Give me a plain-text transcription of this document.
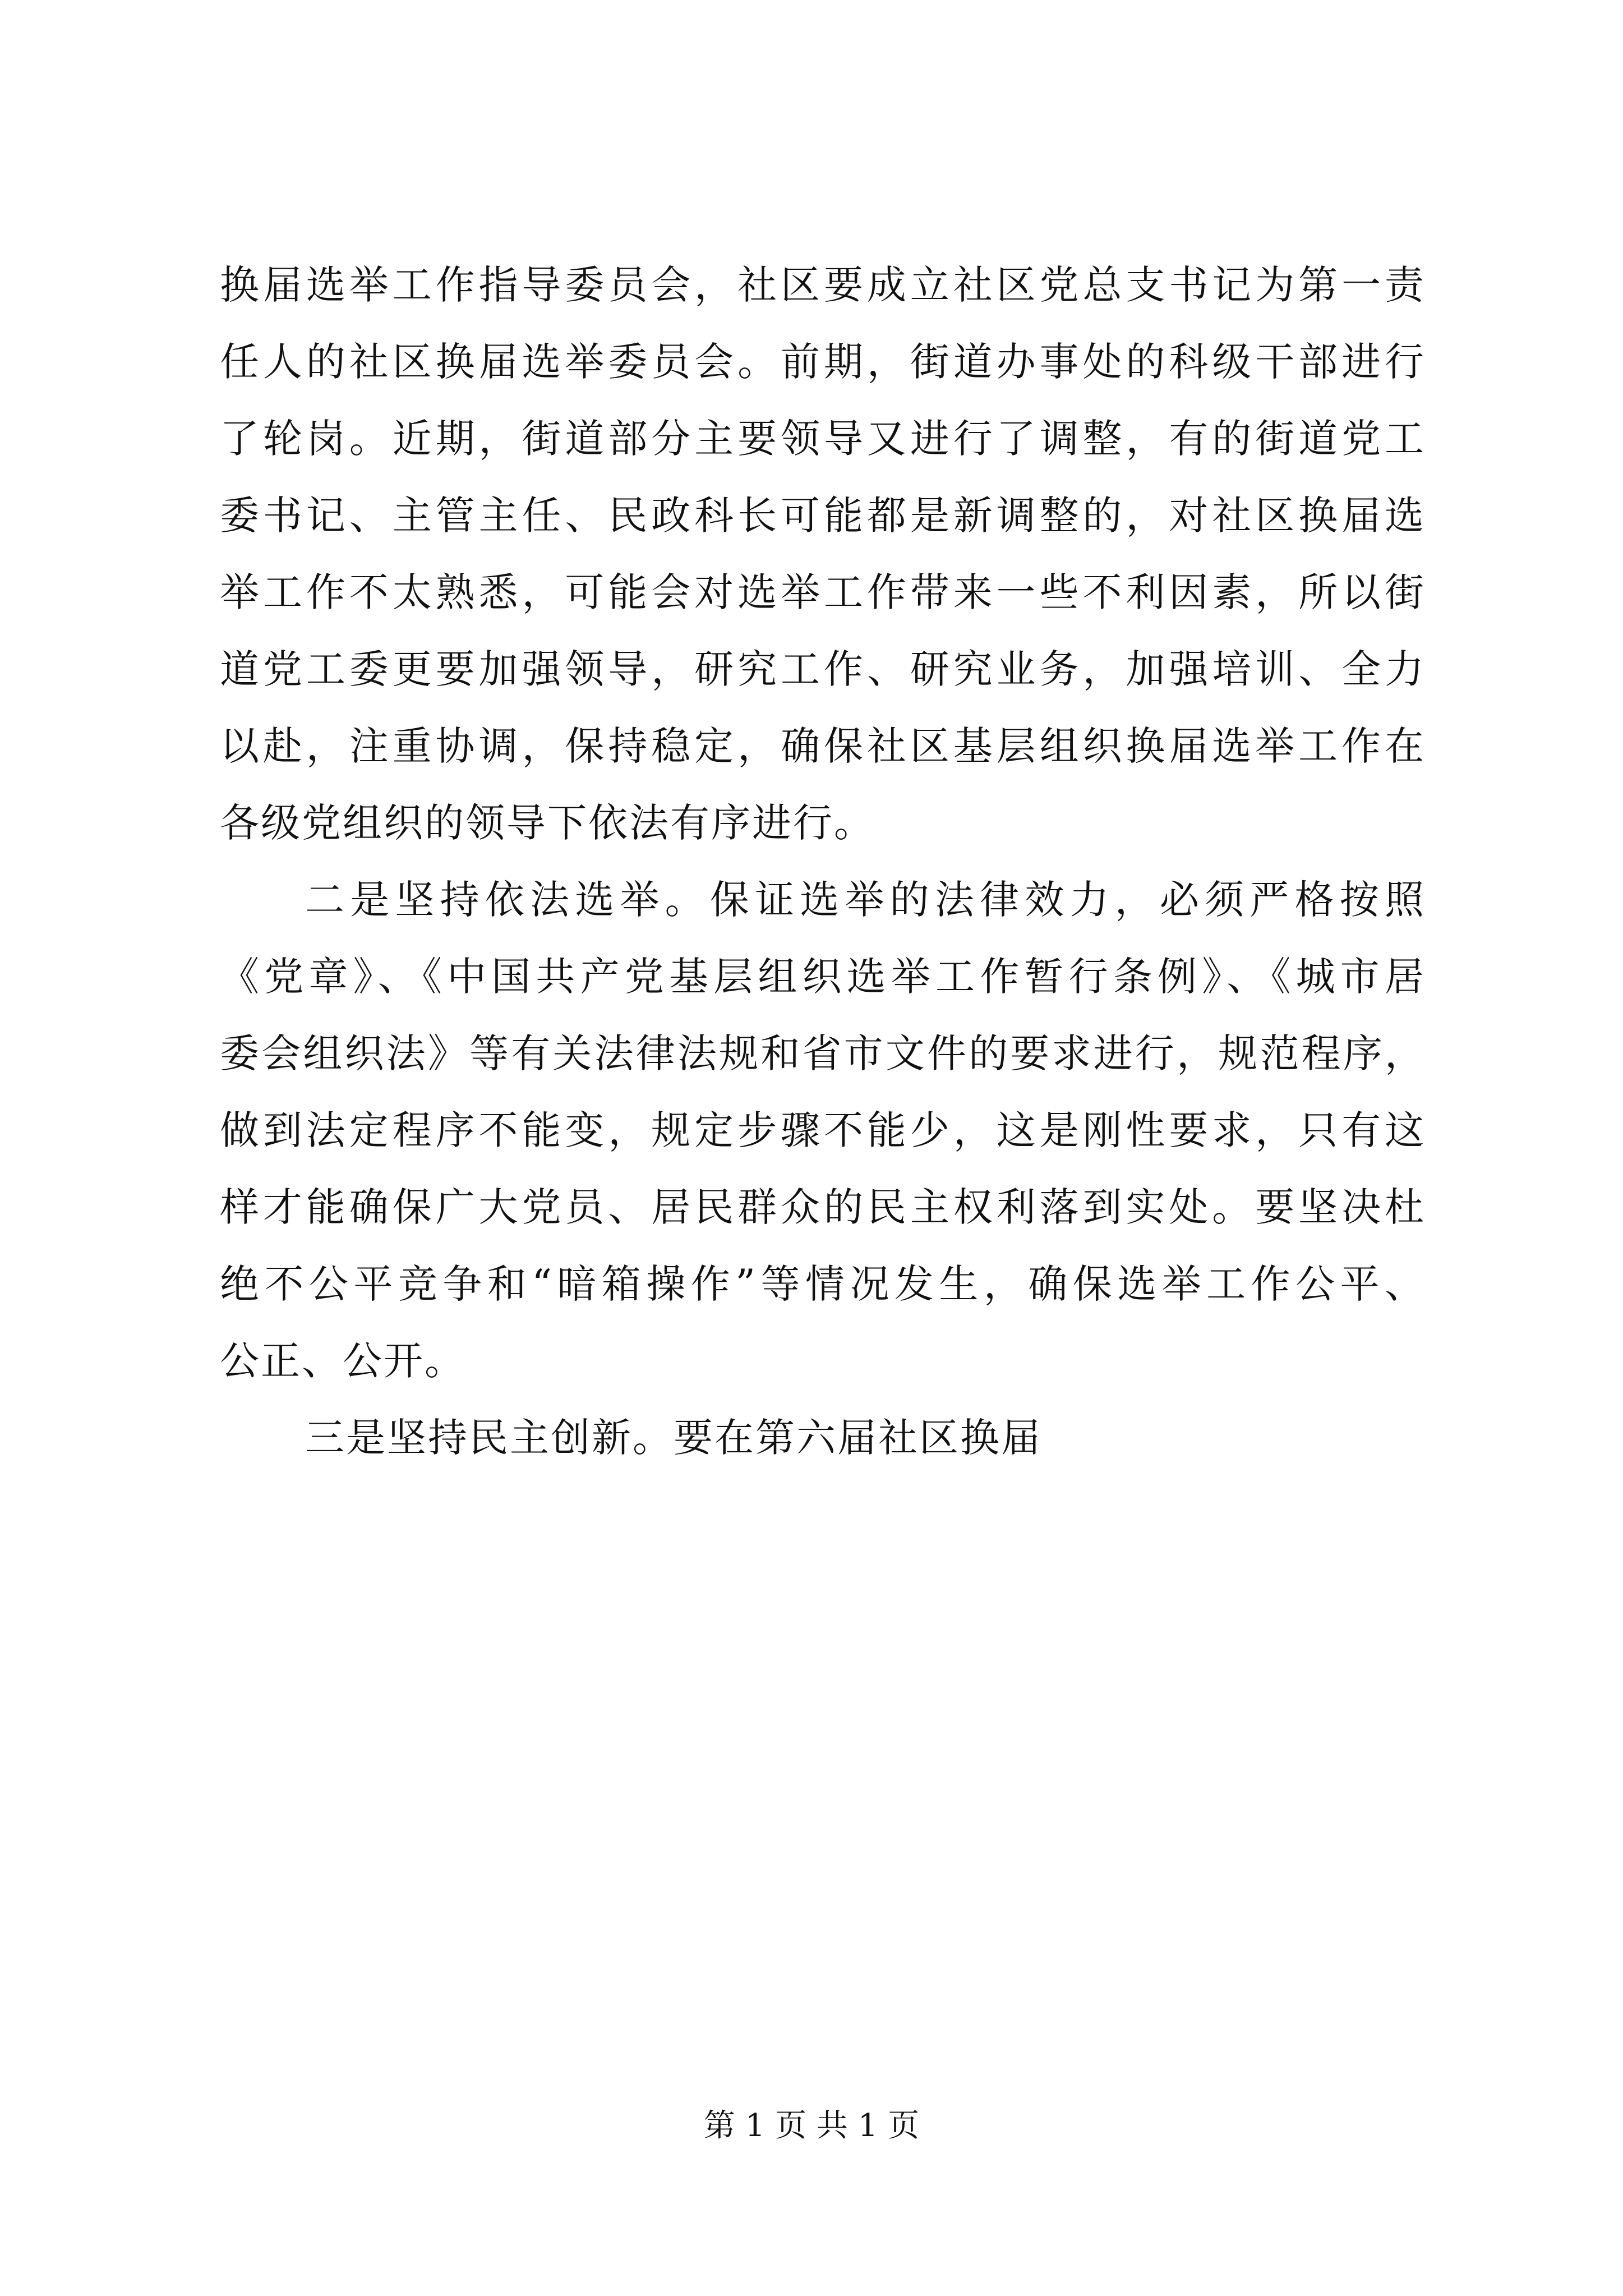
换届选举工作指导委员会，社区要成立社区党总支书记为第一责
任人的社区换届选举委员会。前期，街道办事处的科级干部进行
了轮岗。近期，街道部分主要领导又进行了调整，有的街道党工
委书记、主管主任、民政科长可能都是新调整的，对社区换届选
举工作不太熟悉，可能会对选举工作带来一些不利因素，所以街
道党工委更要加强领导，研究工作、研究业务，加强培训、全力
以赴，注重协调，保持稳定，确保社区基层组织换届选举工作在
各级党组织的领导下依法有序进行。
二是坚持依法选举。保证选举的法律效力，必须严格按照
《党章》、《中国共产党基层组织选举工作暂行条例》、《城市居
委会组织法》等有关法律法规和省市文件的要求进行，规范程序，
做到法定程序不能变，规定步骤不能少，这是刚性要求，只有这
样才能确保广大党员、居民群众的民主权利落到实处。要坚决杜
绝不公平竞争和“暗箱操作”等情况发生，确保选举工作公平、
公正、公开。
三是坚持民主创新。要在第六届社区换届
第 1 页 共 1 页
